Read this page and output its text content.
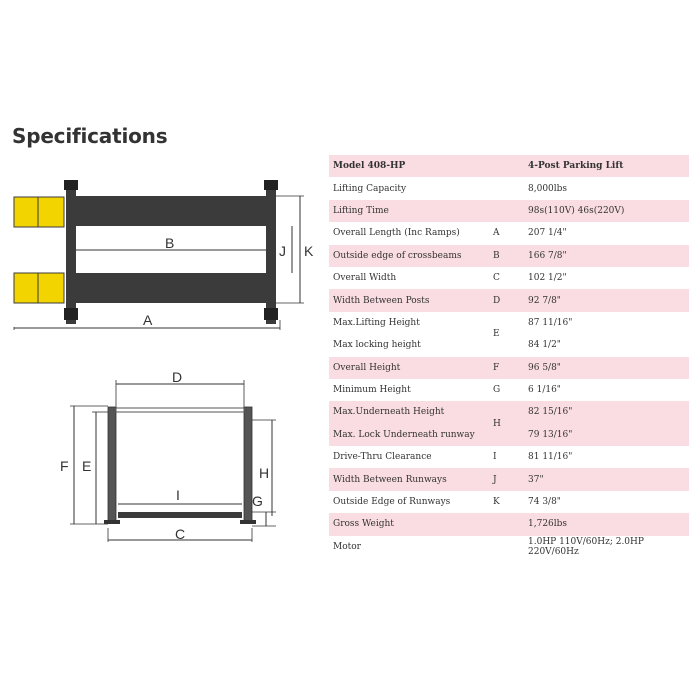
Specifications
B	J K
A
D
F E	H
G
I
C
Model 408-HP		4-Post Parking Lift
Lifting Capacity		8,000lbs
Lifting Time		98s(110V) 46s(220V)
Overall Length (Inc Ramps)	A	207 1/4"
Outside edge of crossbeams	B	166 7/8"
Overall Width	C	102 1/2"
Width Between Posts	D	92 7/8"
Max.Lifting Height	E	87 11/16"
Max locking height		84 1/2"
Overall Height	F	96 5/8"
Minimum Height	G	6 1/16"
Max.Underneath Height	H	82 15/16"
Max. Lock Underneath runway		79 13/16"
Drive-Thru Clearance	I	81 11/16"
Width Between Runways	J	37"
Outside Edge of Runways	K	74 3/8"
Gross Weight		1,726lbs
Motor		1.0HP 110V/60Hz; 2.0HP 220V/60Hz
